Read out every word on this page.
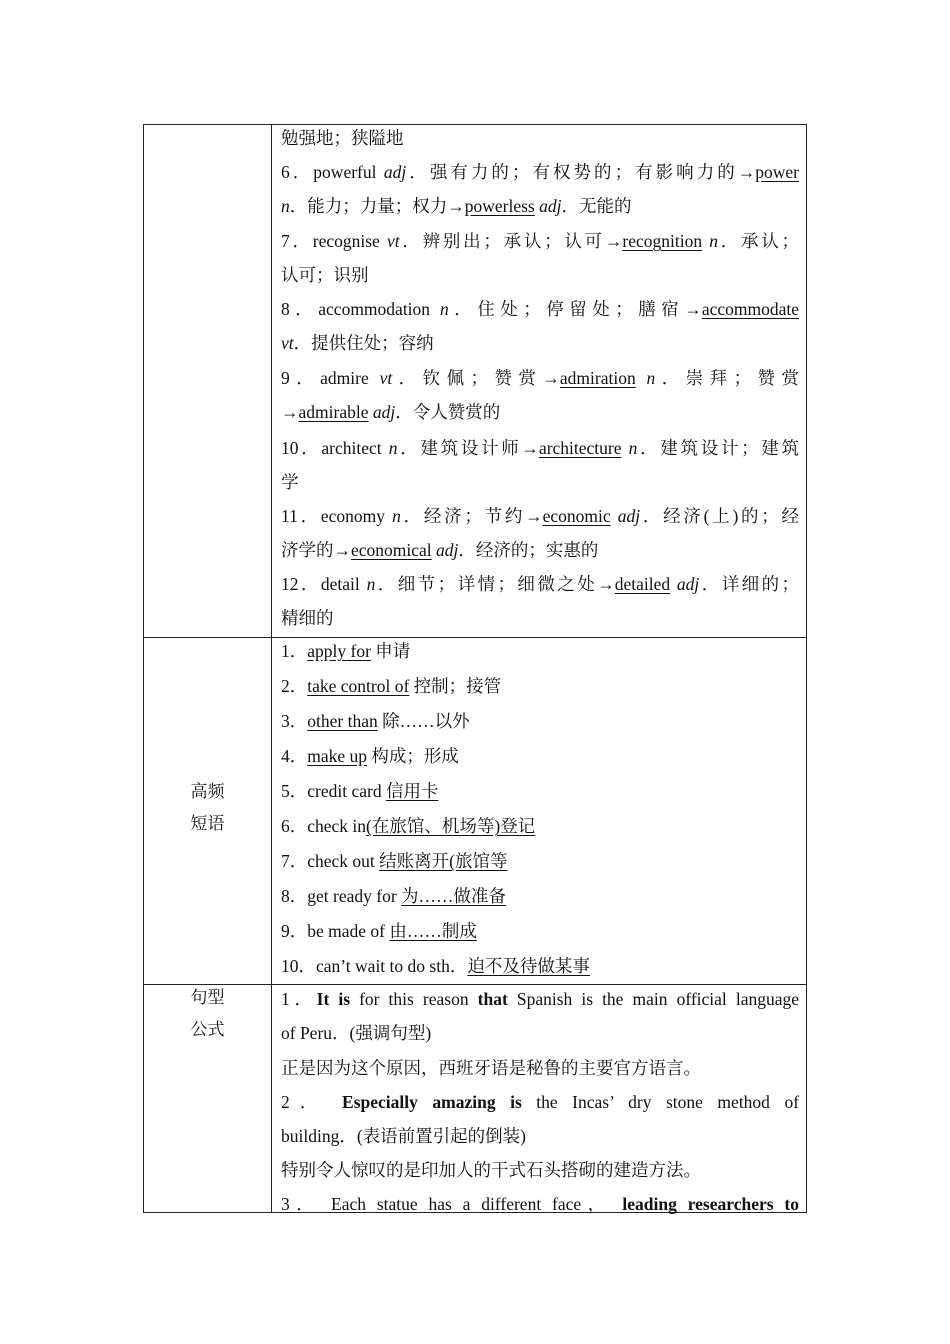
高频
短语
句型
公式
勉强地；狭隘地
6．powerful adj．强有力的；有权势的；有影响力的→power
n．能力；力量；权力→powerless adj．无能的
7．recognise vt．辨别出；承认；认可→recognition n．承认；
认可；识别
8．accommodation n．住处；停留处；膳宿→accommodate
vt．提供住处；容纳
9．admire vt．钦佩；赞赏→admiration n．崇拜；赞赏
→admirable adj．令人赞赏的
10．architect n．建筑设计师→architecture n．建筑设计；建筑
学
11．economy n．经济；节约→economic adj．经济(上)的；经
济学的→economical adj．经济的；实惠的
12．detail n．细节；详情；细微之处→detailed adj．详细的；
精细的
1．apply for 申请
2．take control of 控制；接管
3．other than 除……以外
4．make up 构成；形成
5．credit card 信用卡
6．check in(在旅馆、机场等)登记
7．check out 结账离开(旅馆等
8．get ready for 为……做准备
9．be made of 由……制成
10．can’t wait to do sth．迫不及待做某事
1．It is for this reason that Spanish is the main official language
of Peru．(强调句型)
正是因为这个原因，西班牙语是秘鲁的主要官方语言。
2． Especially amazing is the Incas’ dry stone method of
building．(表语前置引起的倒装)
特别令人惊叹的是印加人的干式石头搭砌的建造方法。
3． Each statue has a different face， leading researchers to
